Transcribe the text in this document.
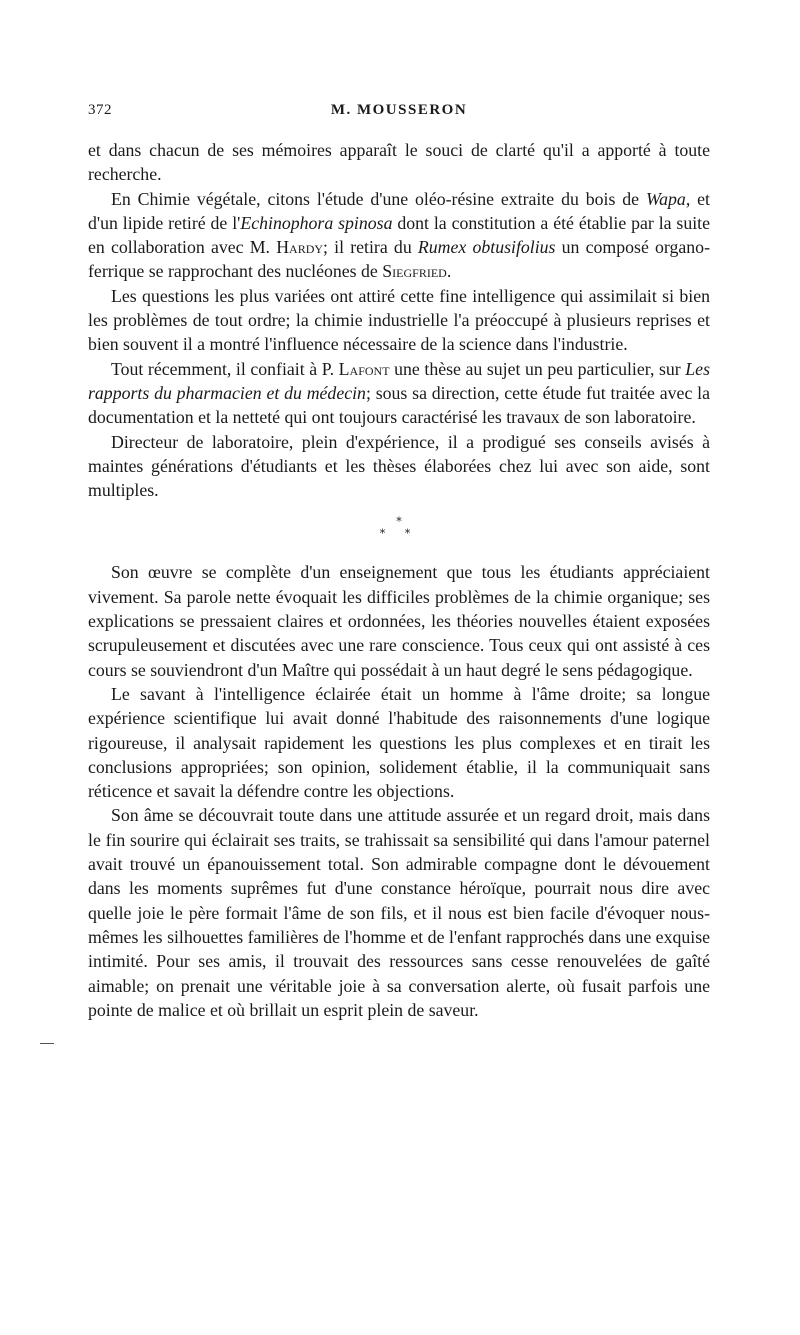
372	M. MOUSSERON

et dans chacun de ses mémoires apparaît le souci de clarté qu'il a apporté à toute recherche.

En Chimie végétale, citons l'étude d'une oléo-résine extraite du bois de Wapa, et d'un lipide retiré de l'Echinophora spinosa dont la constitution a été établie par la suite en collaboration avec M. Hardy; il retira du Rumex obtusifolius un composé organo-ferrique se rapprochant des nucléones de Siegfried.

Les questions les plus variées ont attiré cette fine intelligence qui assimilait si bien les problèmes de tout ordre; la chimie industrielle l'a préoccupé à plusieurs reprises et bien souvent il a montré l'influence nécessaire de la science dans l'industrie.

Tout récemment, il confiait à P. Lafont une thèse au sujet un peu particulier, sur Les rapports du pharmacien et du médecin; sous sa direction, cette étude fut traitée avec la documentation et la netteté qui ont toujours caractérisé les travaux de son laboratoire.

Directeur de laboratoire, plein d'expérience, il a prodigué ses conseils avisés à maintes générations d'étudiants et les thèses élaborées chez lui avec son aide, sont multiples.

*
* *

Son œuvre se complète d'un enseignement que tous les étudiants appréciaient vivement. Sa parole nette évoquait les difficiles problèmes de la chimie organique; ses explications se pressaient claires et ordonnées, les théories nouvelles étaient exposées scrupuleusement et discutées avec une rare conscience. Tous ceux qui ont assisté à ces cours se souviendront d'un Maître qui possédait à un haut degré le sens pédagogique.

Le savant à l'intelligence éclairée était un homme à l'âme droite; sa longue expérience scientifique lui avait donné l'habitude des raisonnements d'une logique rigoureuse, il analysait rapidement les questions les plus complexes et en tirait les conclusions appropriées; son opinion, solidement établie, il la communiquait sans réticence et savait la défendre contre les objections.

Son âme se découvrait toute dans une attitude assurée et un regard droit, mais dans le fin sourire qui éclairait ses traits, se trahissait sa sensibilité qui dans l'amour paternel avait trouvé un épanouissement total. Son admirable compagne dont le dévouement dans les moments suprêmes fut d'une constance héroïque, pourrait nous dire avec quelle joie le père formait l'âme de son fils, et il nous est bien facile d'évoquer nous-mêmes les silhouettes familières de l'homme et de l'enfant rapprochés dans une exquise intimité. Pour ses amis, il trouvait des ressources sans cesse renouvelées de gaîté aimable; on prenait une véritable joie à sa conversation alerte, où fusait parfois une pointe de malice et où brillait un esprit plein de saveur.
